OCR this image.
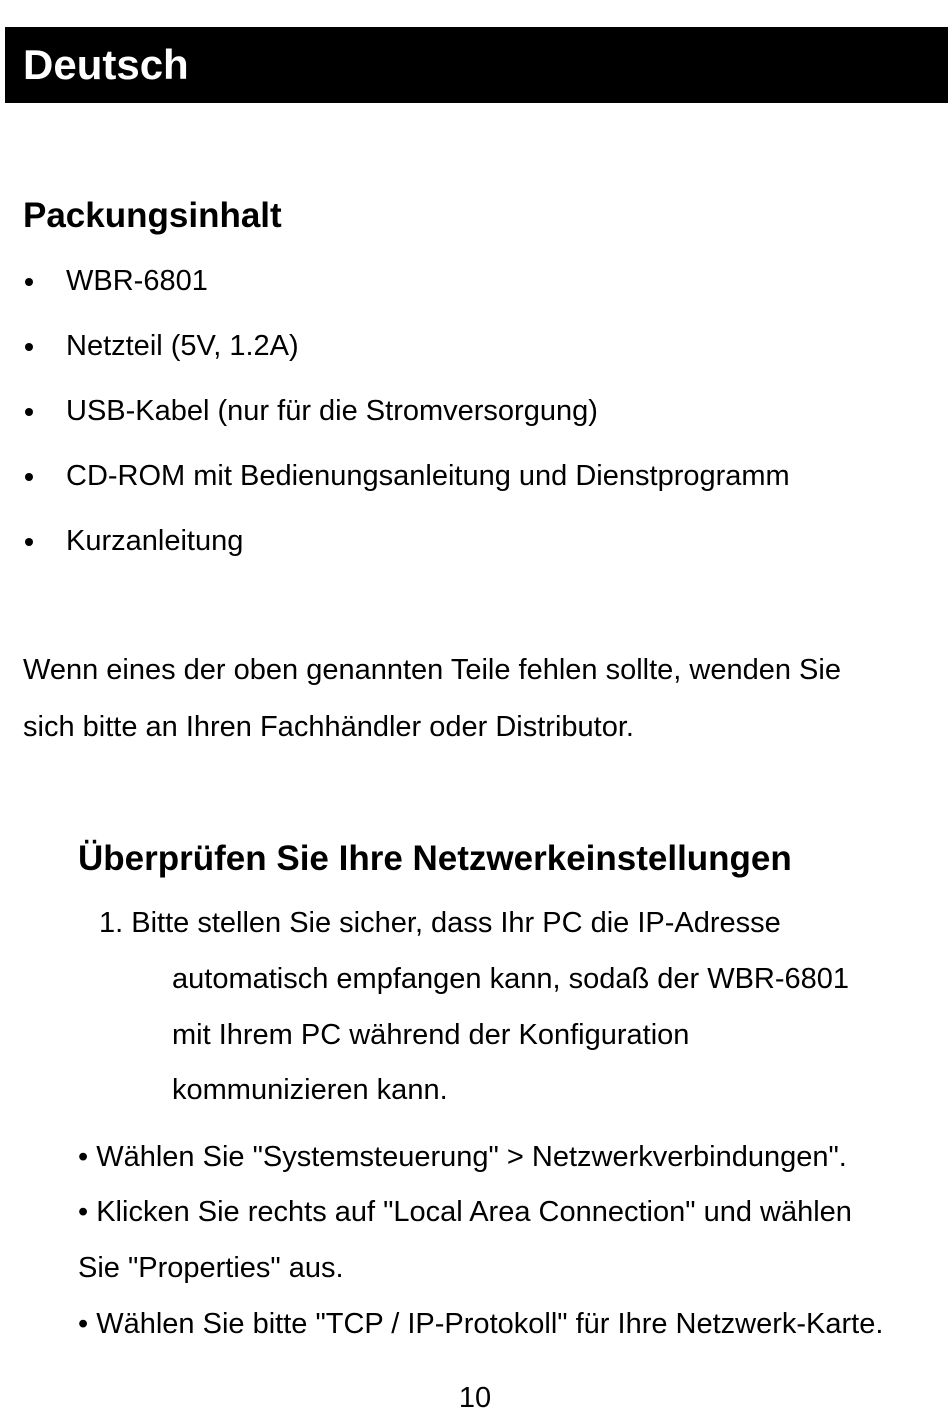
Deutsch
Packungsinhalt
WBR-6801
Netzteil (5V, 1.2A)
USB-Kabel (nur für die Stromversorgung)
CD-ROM mit Bedienungsanleitung und Dienstprogramm
Kurzanleitung
Wenn eines der oben genannten Teile fehlen sollte, wenden Sie
sich bitte an Ihren Fachhändler oder Distributor.
Überprüfen Sie Ihre Netzwerkeinstellungen
1. Bitte stellen Sie sicher, dass Ihr PC die IP-Adresse
automatisch empfangen kann, sodaß der WBR-6801
mit Ihrem PC während der Konfiguration
kommunizieren kann.
• Wählen Sie "Systemsteuerung" > Netzwerkverbindungen".
• Klicken Sie rechts auf "Local Area Connection" und wählen
Sie "Properties" aus.
• Wählen Sie bitte "TCP / IP-Protokoll" für Ihre Netzwerk-Karte.
10
